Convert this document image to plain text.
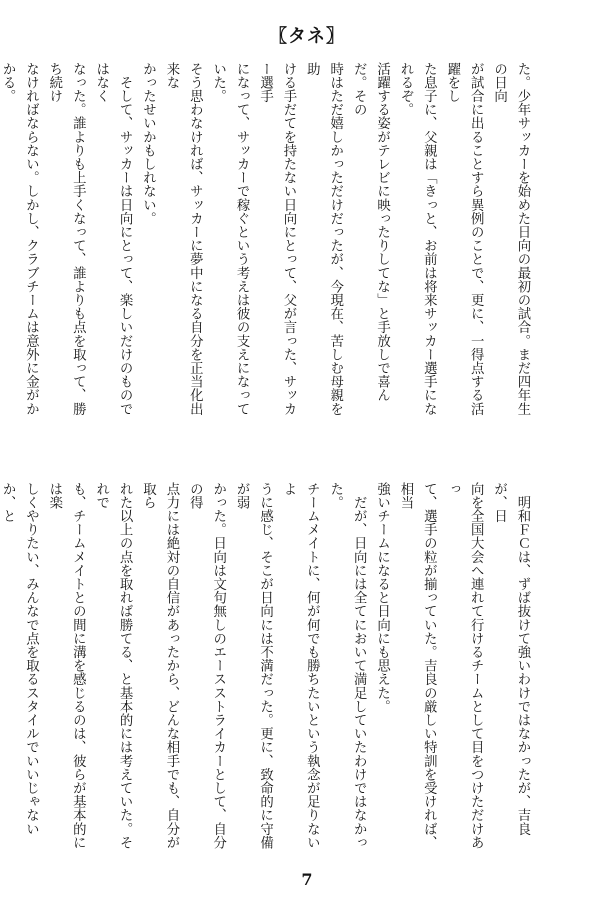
〖タネ〗

た。少年サッカーを始めた日向の最初の試合。まだ四年生の日向

が試合に出ることすら異例のことで、更に、一得点する活躍をし

た息子に、父親は「きっと、お前は将来サッカー選手になれるぞ。

活躍する姿がテレビに映ったりしてな」と手放しで喜んだ。その

時はただ嬉しかっただけだったが、今現在、苦しむ母親を助

ける手だてを持たない日向にとって、父が言った、サッカー選手

になって、サッカーで稼ぐという考えは彼の支えになっていた。

そう思わなければ、サッカーに夢中になる自分を正当化出来な

かったせいかもしれない。

　そして、サッカーは日向にとって、楽しいだけのものではなく

なった。誰よりも上手くなって、誰よりも点を取って、勝ち続け

なければならない。しかし、クラブチームは意外に金がかかる。

　明和ＦＣは、ずば抜けて強いわけではなかったが、吉良が、日

向を全国大会へ連れて行けるチームとして目をつけただけあっ

て、選手の粒が揃っていた。吉良の厳しい特訓を受ければ、相当

強いチームになると日向にも思えた。

　だが、日向には全てにおいて満足していたわけではなかった。

チームメイトに、何が何でも勝ちたいという執念が足りないよ

うに感じ、そこが日向には不満だった。更に、致命的に守備が弱

かった。日向は文句無しのエースストライカーとして、自分の得

点力には絶対の自信があったから、どんな相手でも、自分が取ら

れた以上の点を取れば勝てる、と基本的には考えていた。それで

も、チームメイトとの間に溝を感じるのは、彼らが基本的には楽

しくやりたい、みんなで点を取るスタイルでいいじゃないか、と

7
